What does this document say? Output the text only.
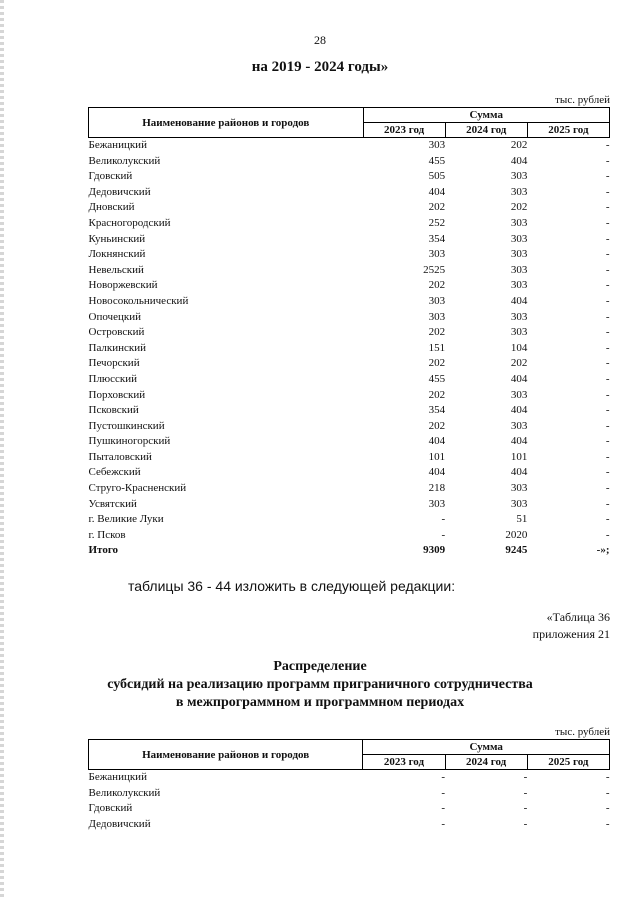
28
на 2019 - 2024 годы»
тыс. рублей
Наименование районов и городов	Сумма		
	2023 год	2024 год	2025 год
Бежаницкий	303	202	-
Великолукский	455	404	-
Гдовский	505	303	-
Дедовичский	404	303	-
Дновский	202	202	-
Красногородский	252	303	-
Куньинский	354	303	-
Локнянский	303	303	-
Невельский	2525	303	-
Новоржевский	202	303	-
Новосокольнический	303	404	-
Опочецкий	303	303	-
Островский	202	303	-
Палкинский	151	104	-
Печорский	202	202	-
Плюсский	455	404	-
Порховский	202	303	-
Псковский	354	404	-
Пустошкинский	202	303	-
Пушкиногорский	404	404	-
Пыталовский	101	101	-
Себежский	404	404	-
Струго-Красненский	218	303	-
Усвятский	303	303	-
г. Великие Луки	-	51	-
г. Псков	-	2020	-
Итого	9309	9245	-»;
таблицы 36 - 44 изложить в следующей редакции:
«Таблица 36
приложения 21
Распределение
субсидий на реализацию программ приграничного сотрудничества
в межпрограммном и программном периодах
тыс. рублей
Наименование районов и городов	Сумма		
	2023 год	2024 год	2025 год
Бежаницкий	-	-	-
Великолукский	-	-	-
Гдовский	-	-	-
Дедовичский	-	-	-
